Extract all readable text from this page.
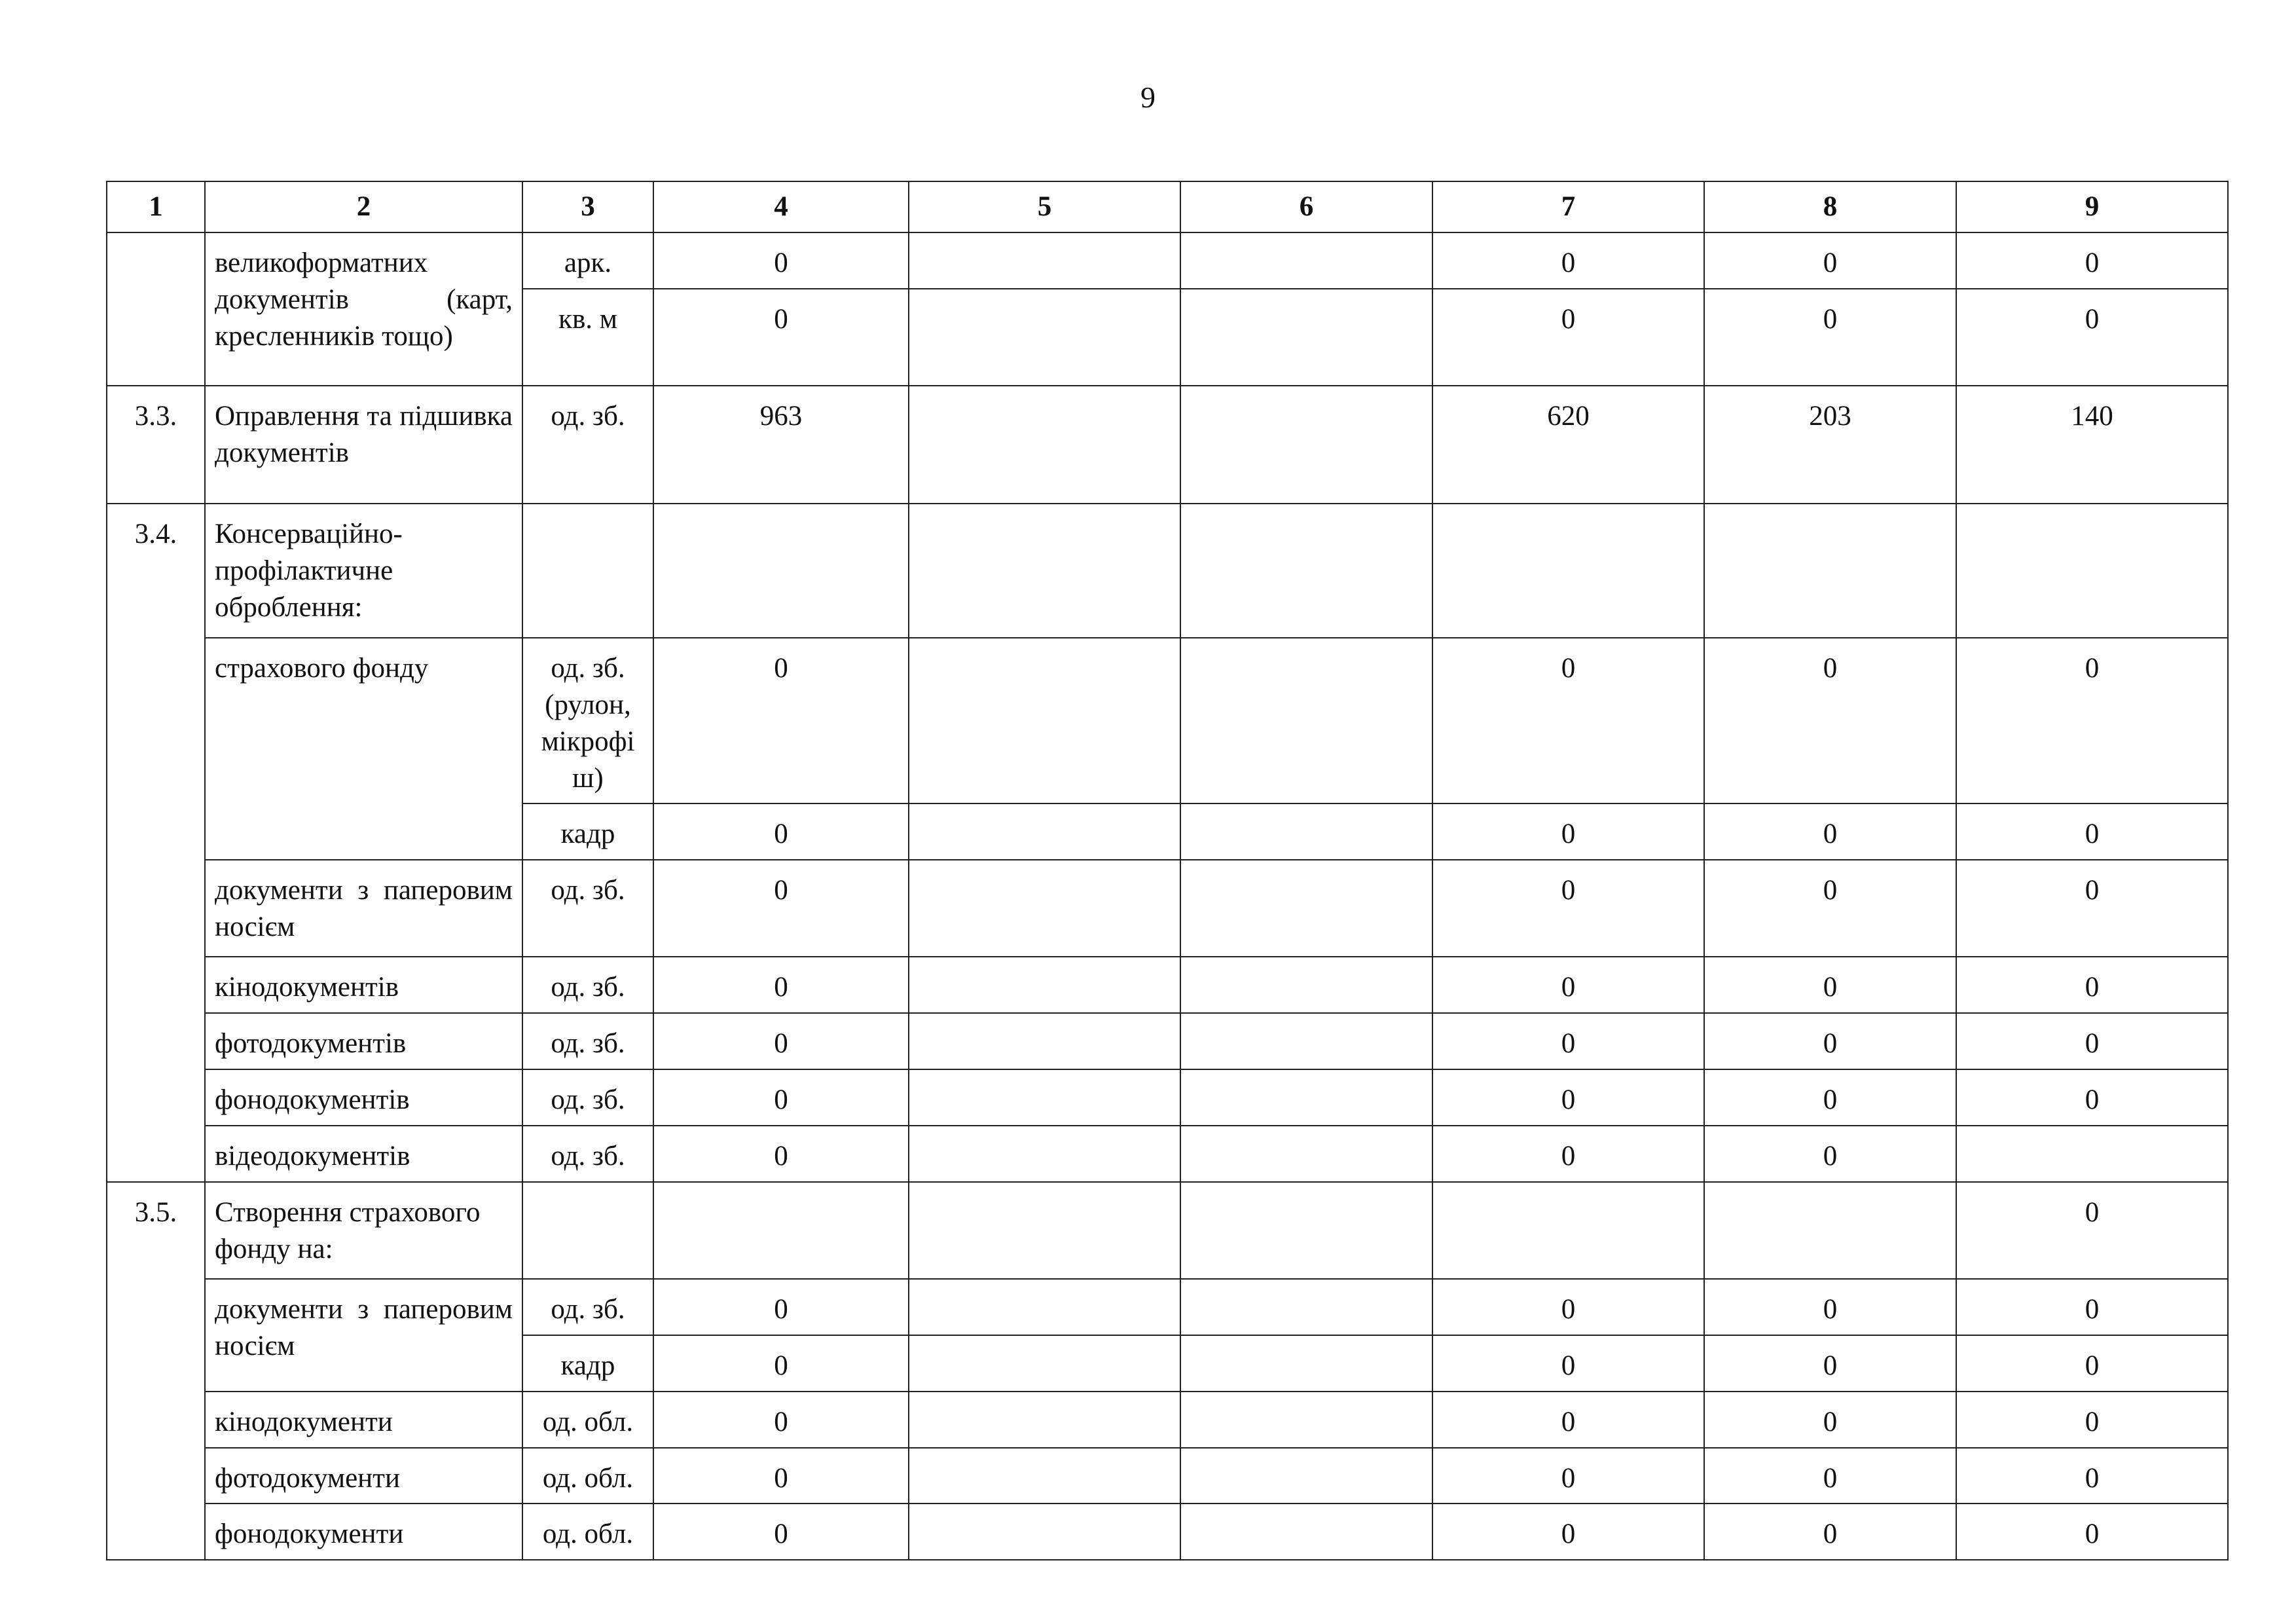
9
1	2	3	4	5	6	7	8	9
	великоформатних документів (карт, кресленників тощо)	арк.	0			0	0	0
		кв. м	0			0	0	0
3.3.	Оправлення та підшивка документів	од. зб.	963			620	203	140
3.4.	Консерваційно-профілактичне оброблення:							
	страхового фонду	од. зб. (рулон, мікрофіш)	0			0	0	0
		кадр	0			0	0	0
	документи з паперовим носієм	од. зб.	0			0	0	0
	кінодокументів	од. зб.	0			0	0	0
	фотодокументів	од. зб.	0			0	0	0
	фонодокументів	од. зб.	0			0	0	0
	відеодокументів	од. зб.	0			0	0	
3.5.	Створення страхового фонду на:							0
	документи з паперовим носієм	од. зб.	0			0	0	0
		кадр	0			0	0	0
	кінодокументи	од. обл.	0			0	0	0
	фотодокументи	од. обл.	0			0	0	0
	фонодокументи	од. обл.	0			0	0	0
